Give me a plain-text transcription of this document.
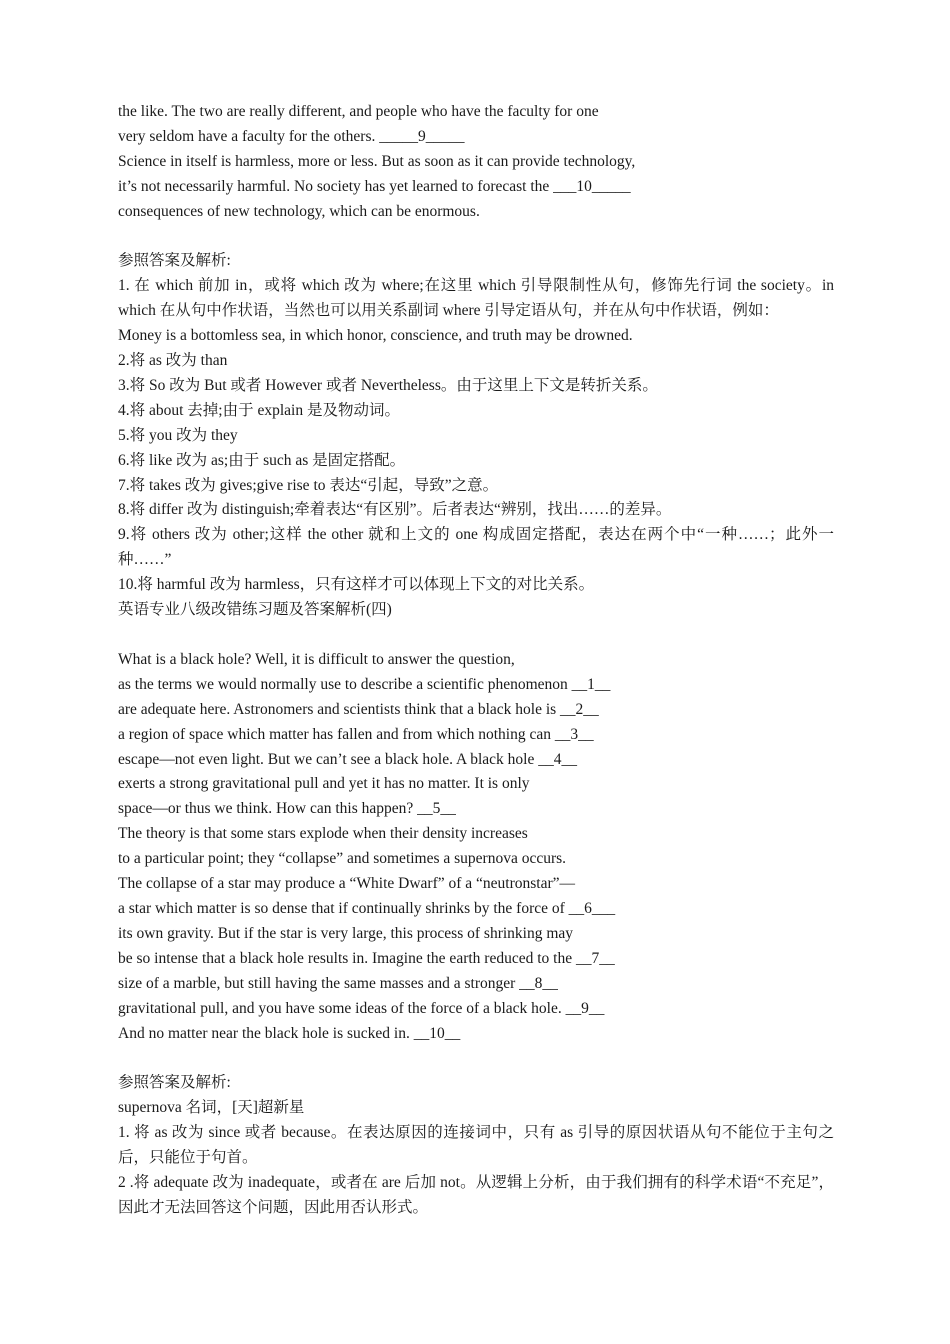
the like. The two are really different, and people who have the faculty for one
very seldom have a faculty for the others. _____9_____
Science in itself is harmless, more or less. But as soon as it can provide technology,
it’s not necessarily harmful. No society has yet learned to forecast the ___10_____
consequences of new technology, which can be enormous.
参照答案及解析:
1. 在 which 前加 in，或将 which 改为 where;在这里 which 引导限制性从句，修饰先行词 the society。in which 在从句中作状语，当然也可以用关系副词 where 引导定语从句，并在从句中作状语，例如：
Money is a bottomless sea, in which honor, conscience, and truth may be drowned.
2.将 as 改为 than
3.将 So 改为 But 或者 However 或者 Nevertheless。由于这里上下文是转折关系。
4.将 about 去掉;由于 explain 是及物动词。
5.将 you 改为 they
6.将 like 改为 as;由于 such as 是固定搭配。
7.将 takes 改为 gives;give rise to 表达“引起，导致”之意。
8.将 differ 改为 distinguish;牵着表达“有区别”。后者表达“辨别，找出……的差异。
9.将 others 改为 other;这样 the other 就和上文的 one 构成固定搭配，表达在两个中“一种……；此外一种……”
10.将 harmful 改为 harmless，只有这样才可以体现上下文的对比关系。
英语专业八级改错练习题及答案解析(四)
What is a black hole? Well, it is difficult to answer the question,
as the terms we would normally use to describe a scientific phenomenon __1__
are adequate here. Astronomers and scientists think that a black hole is __2__
a region of space which matter has fallen and from which nothing can __3__
escape—not even light. But we can’t see a black hole. A black hole __4__
exerts a strong gravitational pull and yet it has no matter. It is only
space—or thus we think. How can this happen? __5__
The theory is that some stars explode when their density increases
to a particular point; they “collapse” and sometimes a supernova occurs.
The collapse of a star may produce a “White Dwarf” of a “neutronstar”—
a star which matter is so dense that if continually shrinks by the force of __6___
its own gravity. But if the star is very large, this process of shrinking may
be so intense that a black hole results in. Imagine the earth reduced to the __7__
size of a marble, but still having the same masses and a stronger __8__
gravitational pull, and you have some ideas of the force of a black hole. __9__
And no matter near the black hole is sucked in. __10__
参照答案及解析:
supernova 名词，[天]超新星
1. 将 as 改为 since 或者 because。在表达原因的连接词中，只有 as 引导的原因状语从句不能位于主句之后，只能位于句首。
2 .将 adequate 改为 inadequate，或者在 are 后加 not。从逻辑上分析，由于我们拥有的科学术语“不充足”，因此才无法回答这个问题，因此用否认形式。
